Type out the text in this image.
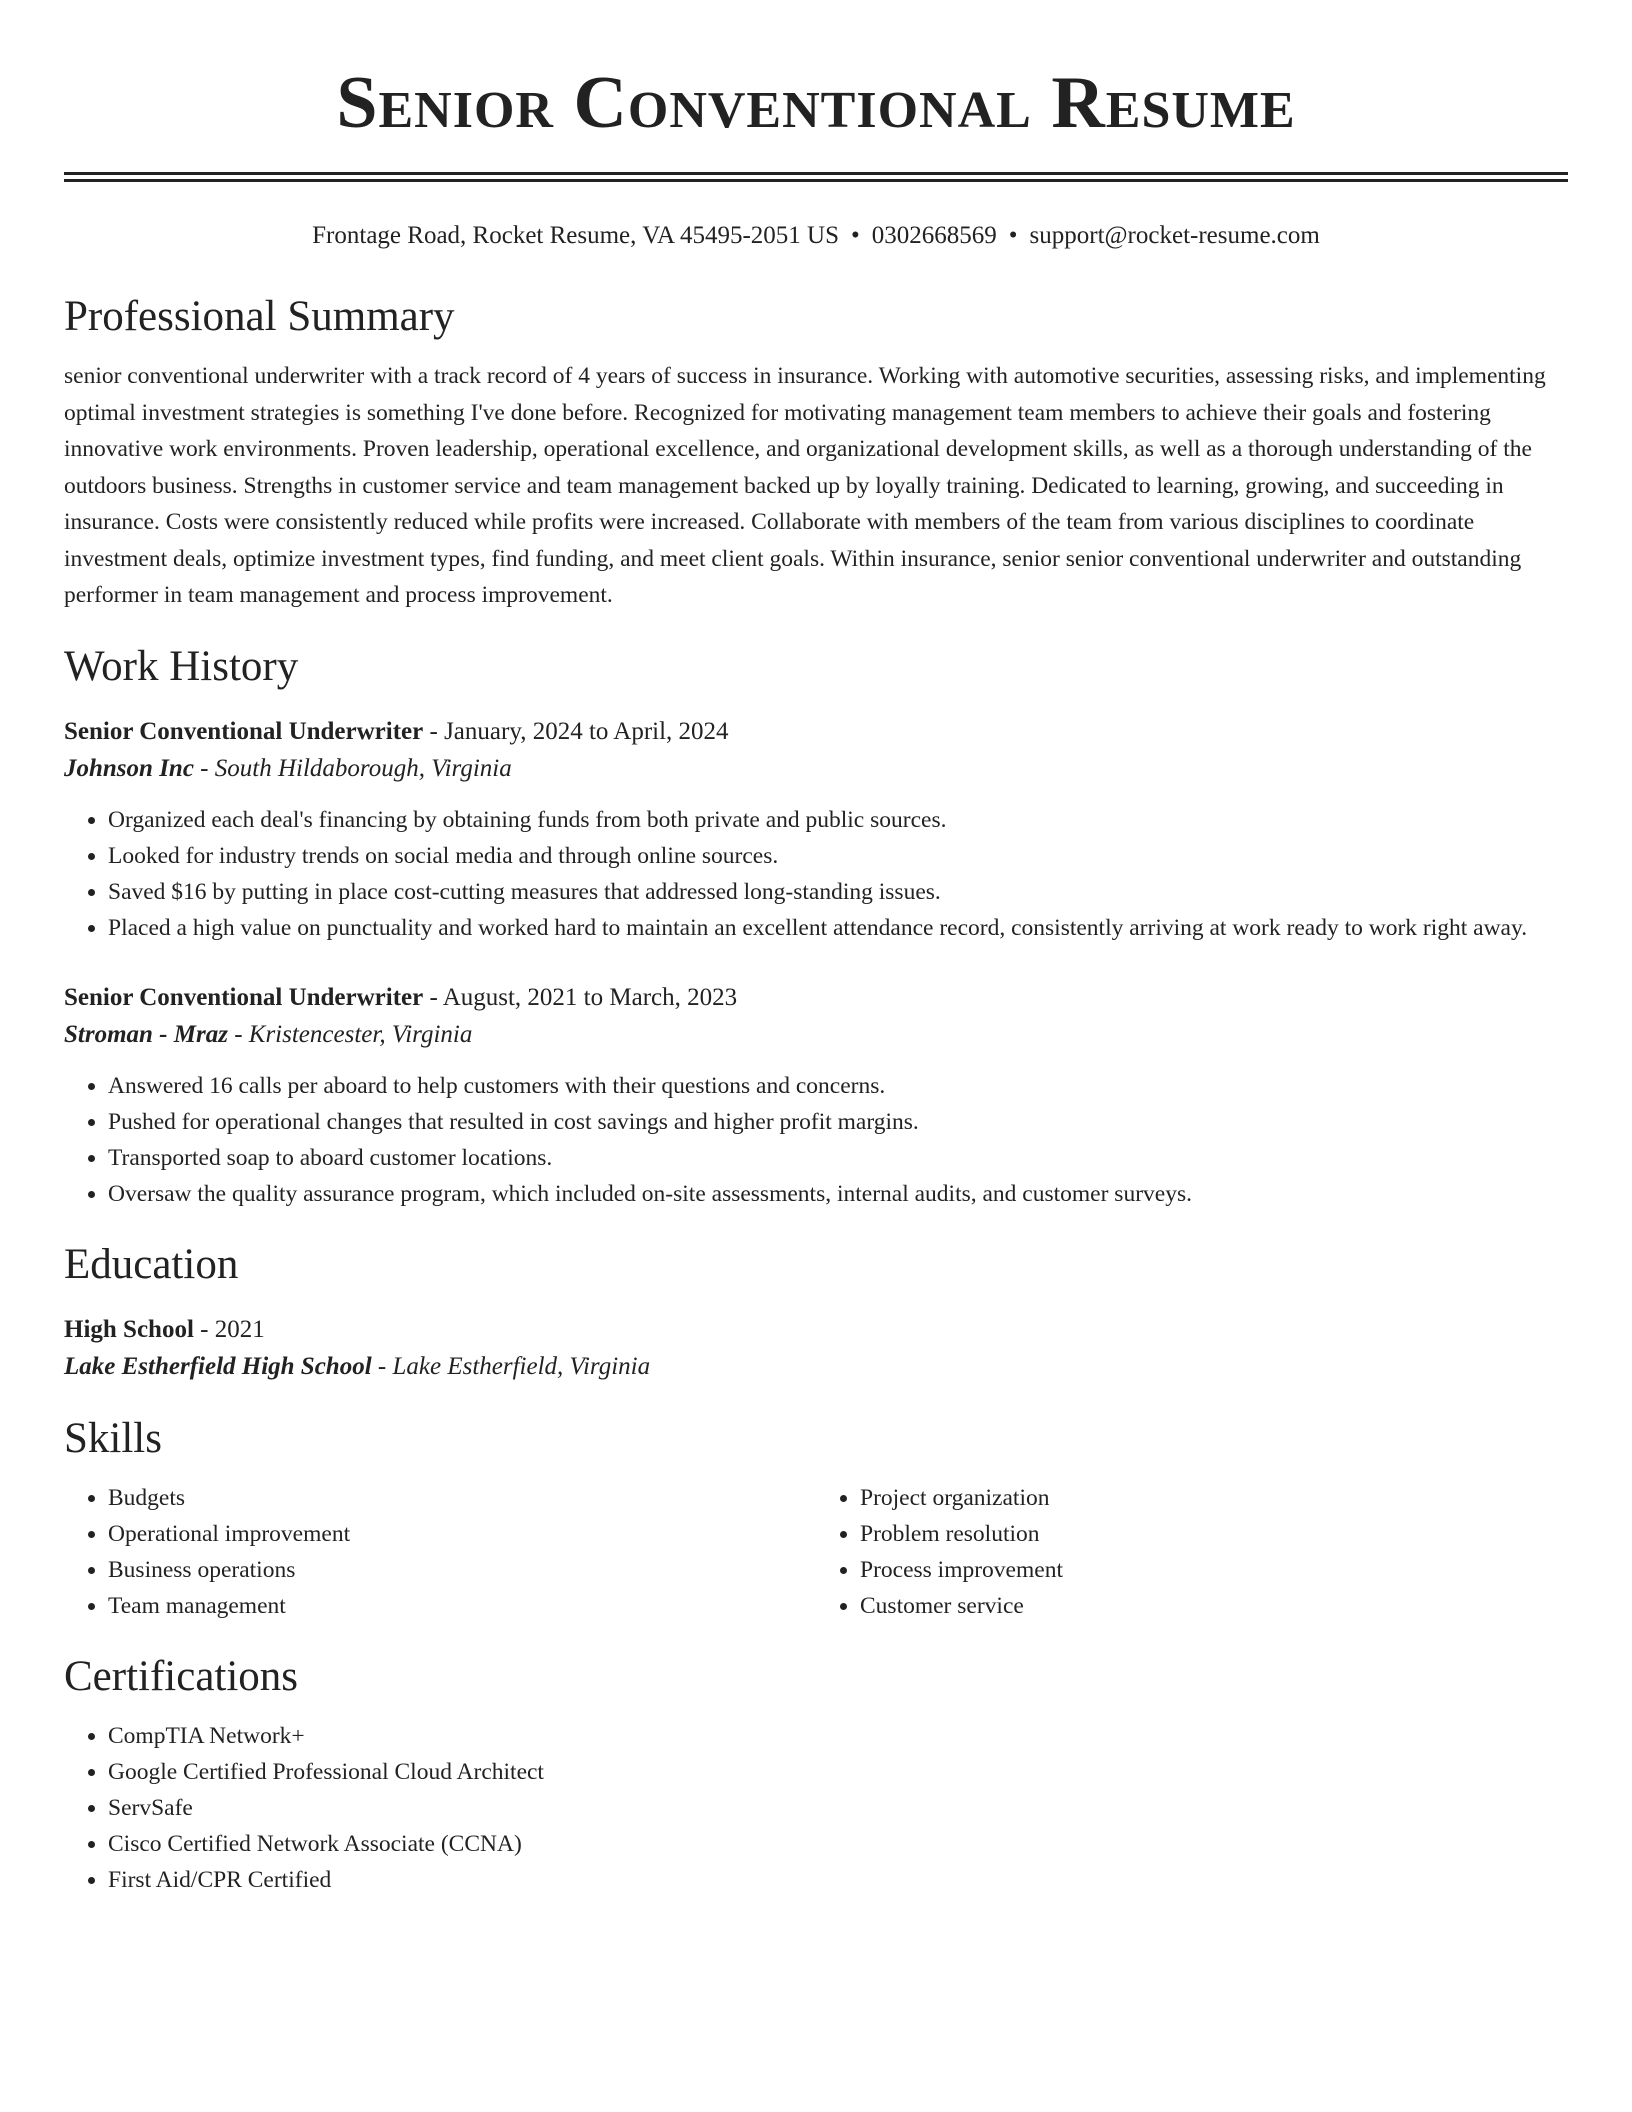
Senior Conventional Resume
Frontage Road, Rocket Resume, VA 45495-2051 US • 0302668569 • support@rocket-resume.com
Professional Summary

senior conventional underwriter with a track record of 4 years of success in insurance. Working with automotive securities, assessing risks, and implementing optimal investment strategies is something I've done before. Recognized for motivating management team members to achieve their goals and fostering innovative work environments. Proven leadership, operational excellence, and organizational development skills, as well as a thorough understanding of the outdoors business. Strengths in customer service and team management backed up by loyally training. Dedicated to learning, growing, and succeeding in insurance. Costs were consistently reduced while profits were increased. Collaborate with members of the team from various disciplines to coordinate investment deals, optimize investment types, find funding, and meet client goals. Within insurance, senior senior conventional underwriter and outstanding performer in team management and process improvement.

Work History
Senior Conventional Underwriter - January, 2024 to April, 2024
Johnson Inc - South Hildaborough, Virginia
• Organized each deal's financing by obtaining funds from both private and public sources.
• Looked for industry trends on social media and through online sources.
• Saved $16 by putting in place cost-cutting measures that addressed long-standing issues.
• Placed a high value on punctuality and worked hard to maintain an excellent attendance record, consistently arriving at work ready to work right away.
Senior Conventional Underwriter - August, 2021 to March, 2023
Stroman - Mraz - Kristencester, Virginia
• Answered 16 calls per aboard to help customers with their questions and concerns.
• Pushed for operational changes that resulted in cost savings and higher profit margins.
• Transported soap to aboard customer locations.
• Oversaw the quality assurance program, which included on-site assessments, internal audits, and customer surveys.
Education
High School - 2021
Lake Estherfield High School - Lake Estherfield, Virginia
Skills
• Budgets
• Operational improvement
• Business operations
• Team management
• Project organization
• Problem resolution
• Process improvement
• Customer service
Certifications
• CompTIA Network+
• Google Certified Professional Cloud Architect
• ServSafe
• Cisco Certified Network Associate (CCNA)
• First Aid/CPR Certified
